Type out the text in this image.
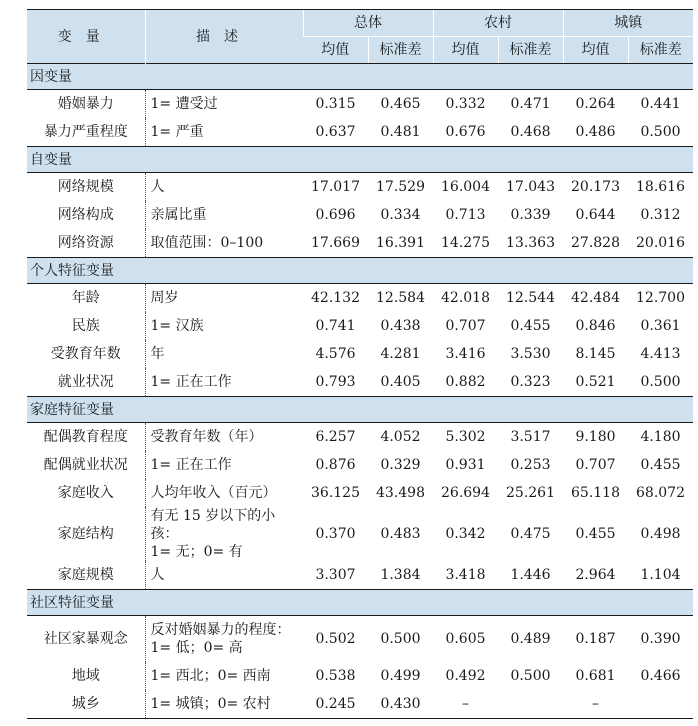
变量	描述	总体		农村		城镇	
		均值	标准差	均值	标准差	均值	标准差
因变量							
婚姻暴力	1= 遭受过	0.315	0.465	0.332	0.471	0.264	0.441
暴力严重程度	1= 严重	0.637	0.481	0.676	0.468	0.486	0.500
自变量							
网络规模	人	17.017	17.529	16.004	17.043	20.173	18.616
网络构成	亲属比重	0.696	0.334	0.713	0.339	0.644	0.312
网络资源	取值范围：0–100	17.669	16.391	14.275	13.363	27.828	20.016
个人特征变量							
年龄	周岁	42.132	12.584	42.018	12.544	42.484	12.700
民族	1= 汉族	0.741	0.438	0.707	0.455	0.846	0.361
受教育年数	年	4.576	4.281	3.416	3.530	8.145	4.413
就业状况	1= 正在工作	0.793	0.405	0.882	0.323	0.521	0.500
家庭特征变量							
配偶教育程度	受教育年数（年）	6.257	4.052	5.302	3.517	9.180	4.180
配偶就业状况	1= 正在工作	0.876	0.329	0.931	0.253	0.707	0.455
家庭收入	人均年收入（百元）	36.125	43.498	26.694	25.261	65.118	68.072
家庭结构	有无 15 岁以下的小孩：
1= 无；0= 有	0.370	0.483	0.342	0.475	0.455	0.498
家庭规模	人	3.307	1.384	3.418	1.446	2.964	1.104
社区特征变量							
社区家暴观念	反对婚姻暴力的程度：
1= 低；0= 高	0.502	0.500	0.605	0.489	0.187	0.390
地域	1= 西北；0= 西南	0.538	0.499	0.492	0.500	0.681	0.466
城乡	1= 城镇；0= 农村	0.245	0.430	–		–	
